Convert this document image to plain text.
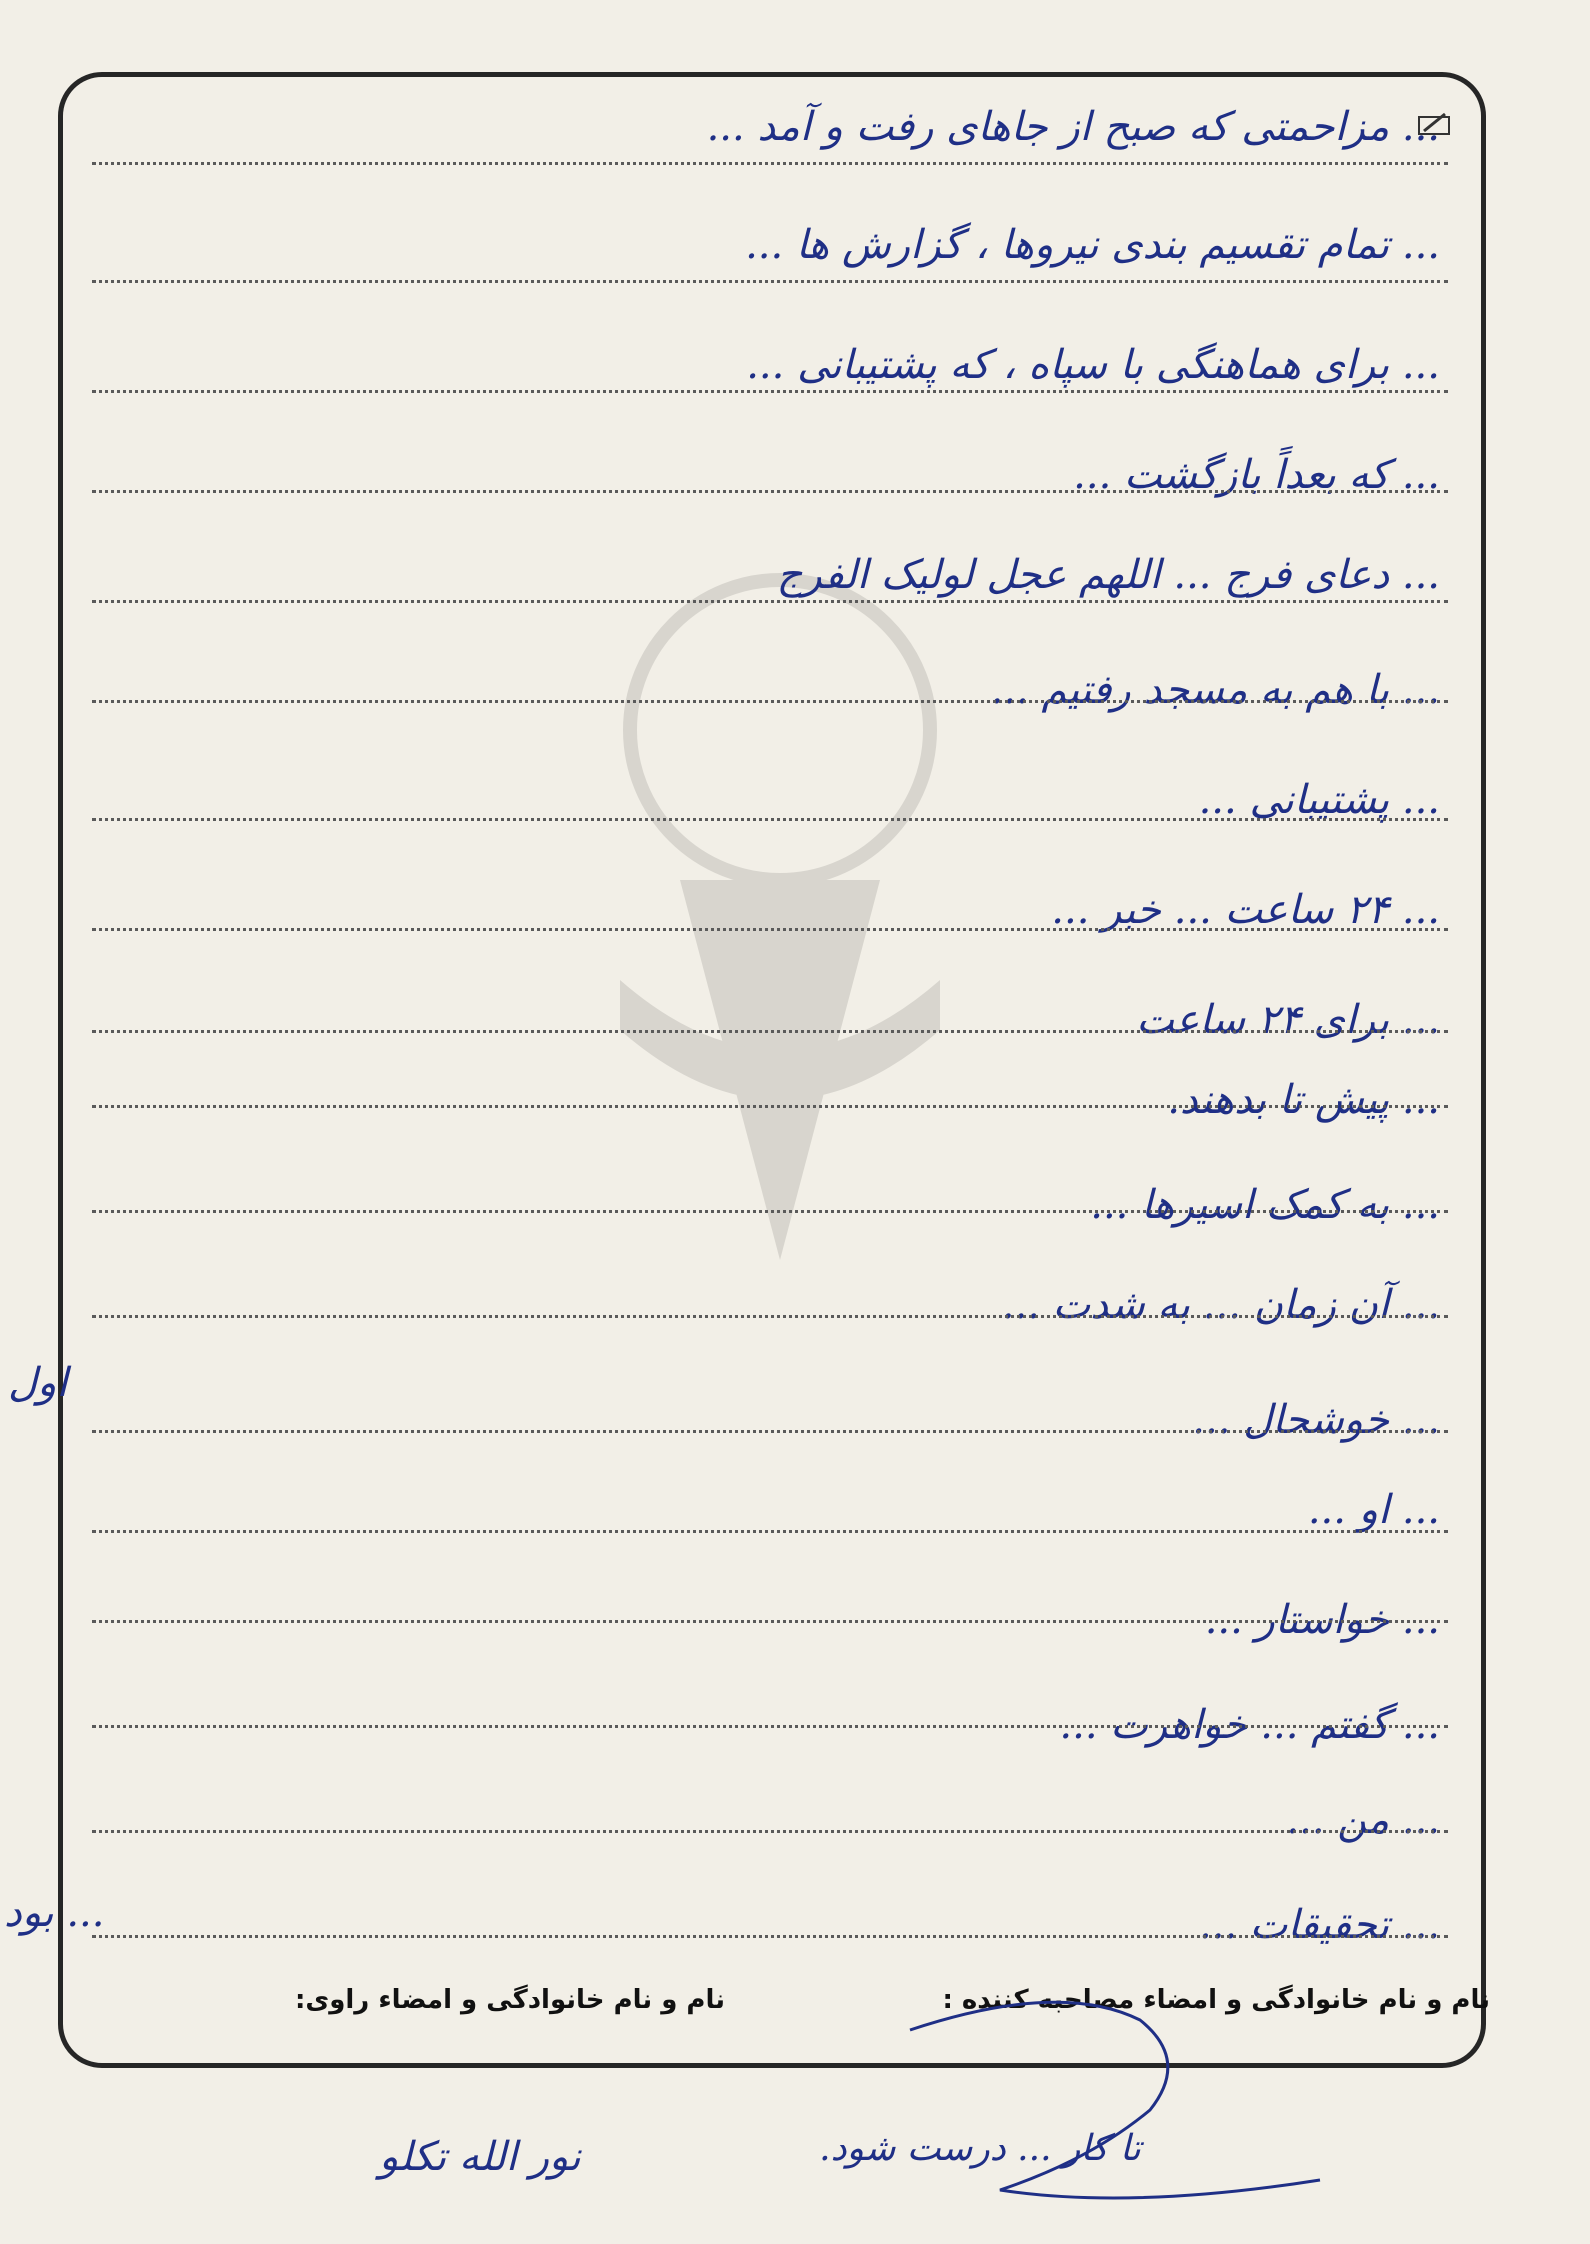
... مزاحمتی که صبح از جاهای رفت و آمد ...
... تمام تقسیم بندی نیروها ، گزارش ها ...
... برای هماهنگی با سپاه ، که پشتیبانی ...
... که بعداً بازگشت ...
... دعای فرج ... اللهم عجل لولیک الفرج
... با هم به مسجد رفتیم ...
... پشتیبانی ...
... ۲۴ ساعت ... خبر ...
... برای ۲۴ ساعت
... پیش تا بدهند.
... به کمک اسیرها ...
... آن زمان ... به شدت ...
... خوشحال ...
... او ...
... خواستار ...
... گفتم ... خواهرت ...
... من ...
... تحقیقات ...
اول
... بود
نام و نام خانوادگی و امضاء مصاحبه کننده :
نام و نام خانوادگی و امضاء راوی:
نور الله تکلو	تا کار ... درست شود.
